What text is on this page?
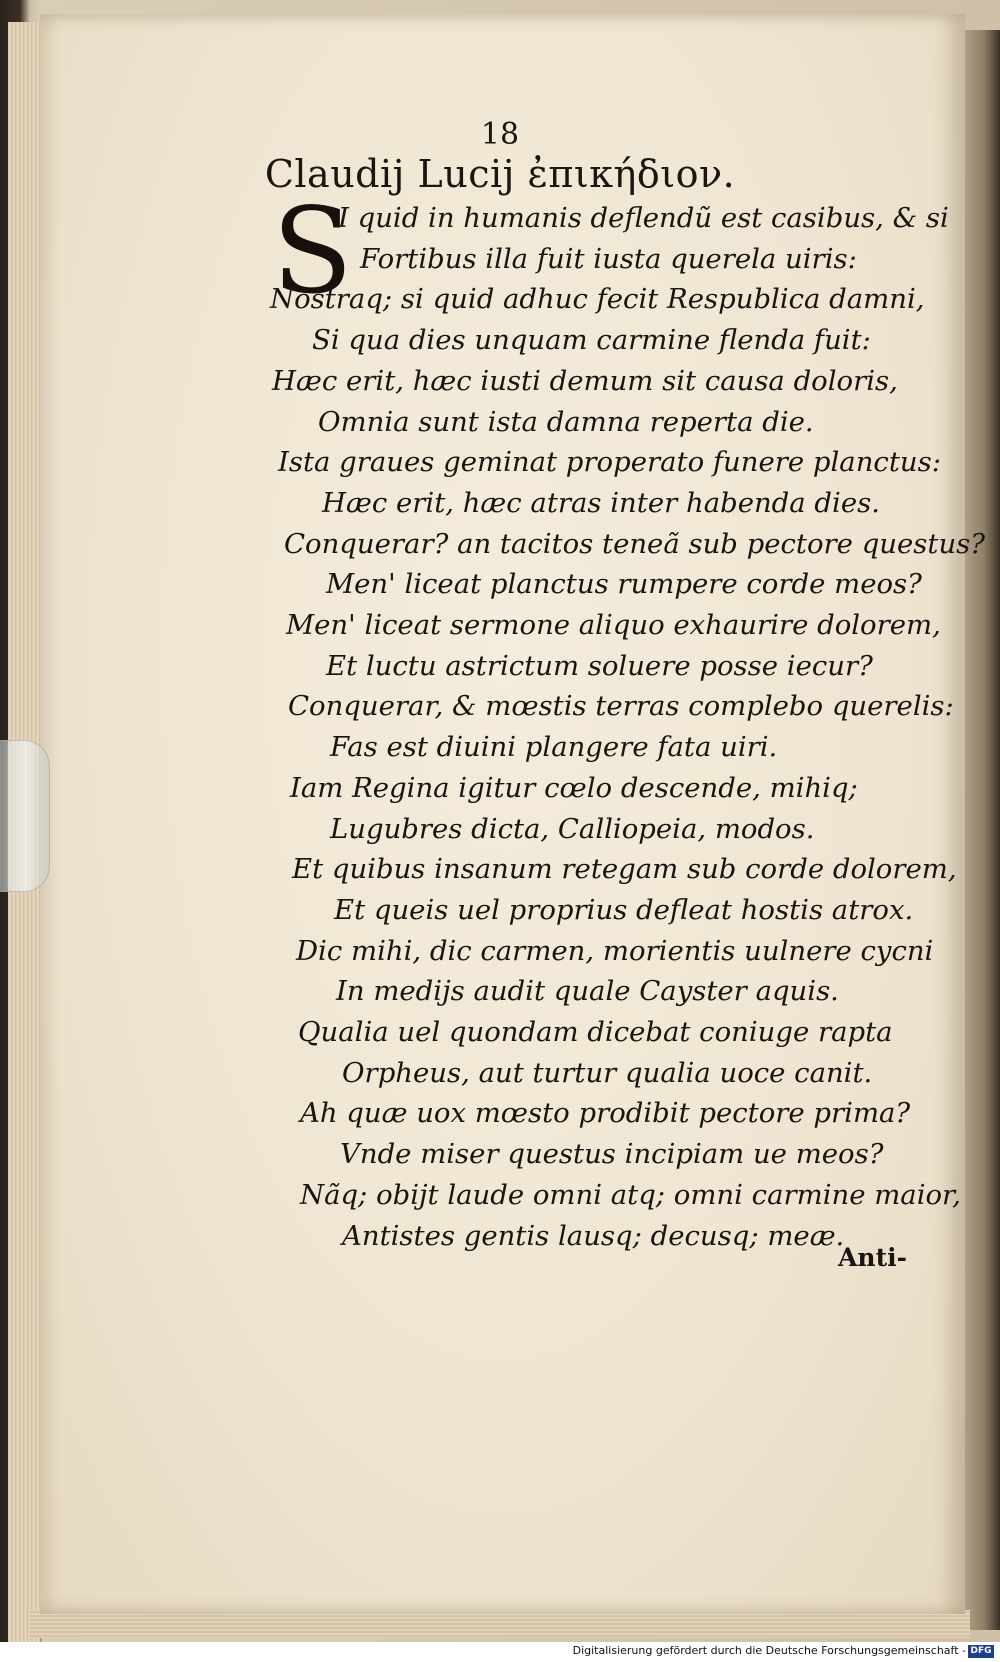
18
Claudij Lucij ἐπικήδιον.
S
I quid in humanis deflendũ est casibus, & si
Fortibus illa fuit iusta querela uiris:
Nostraq; si quid adhuc fecit Respublica damni,
Si qua dies unquam carmine flenda fuit:
Hæc erit, hæc iusti demum sit causa doloris,
Omnia sunt ista damna reperta die.
Ista graues geminat properato funere planctus:
Hæc erit, hæc atras inter habenda dies.
Conquerar? an tacitos teneã sub pectore questus?
Men' liceat planctus rumpere corde meos?
Men' liceat sermone aliquo exhaurire dolorem,
Et luctu astrictum soluere posse iecur?
Conquerar, & mœstis terras complebo querelis:
Fas est diuini plangere fata uiri.
Iam Regina igitur cœlo descende, mihiq;
Lugubres dicta, Calliopeia, modos.
Et quibus insanum retegam sub corde dolorem,
Et queis uel proprius defleat hostis atrox.
Dic mihi, dic carmen, morientis uulnere cycni
In medijs audit quale Cayster aquis.
Qualia uel quondam dicebat coniuge rapta
Orpheus, aut turtur qualia uoce canit.
Ah quæ uox mœsto prodibit pectore prima?
Vnde miser questus incipiam ue meos?
Nãq; obijt laude omni atq; omni carmine maior,
Antistes gentis lausq; decusq; meæ.
Anti-
Digitalisierung gefördert durch die Deutsche Forschungsgemeinschaft - DFG
